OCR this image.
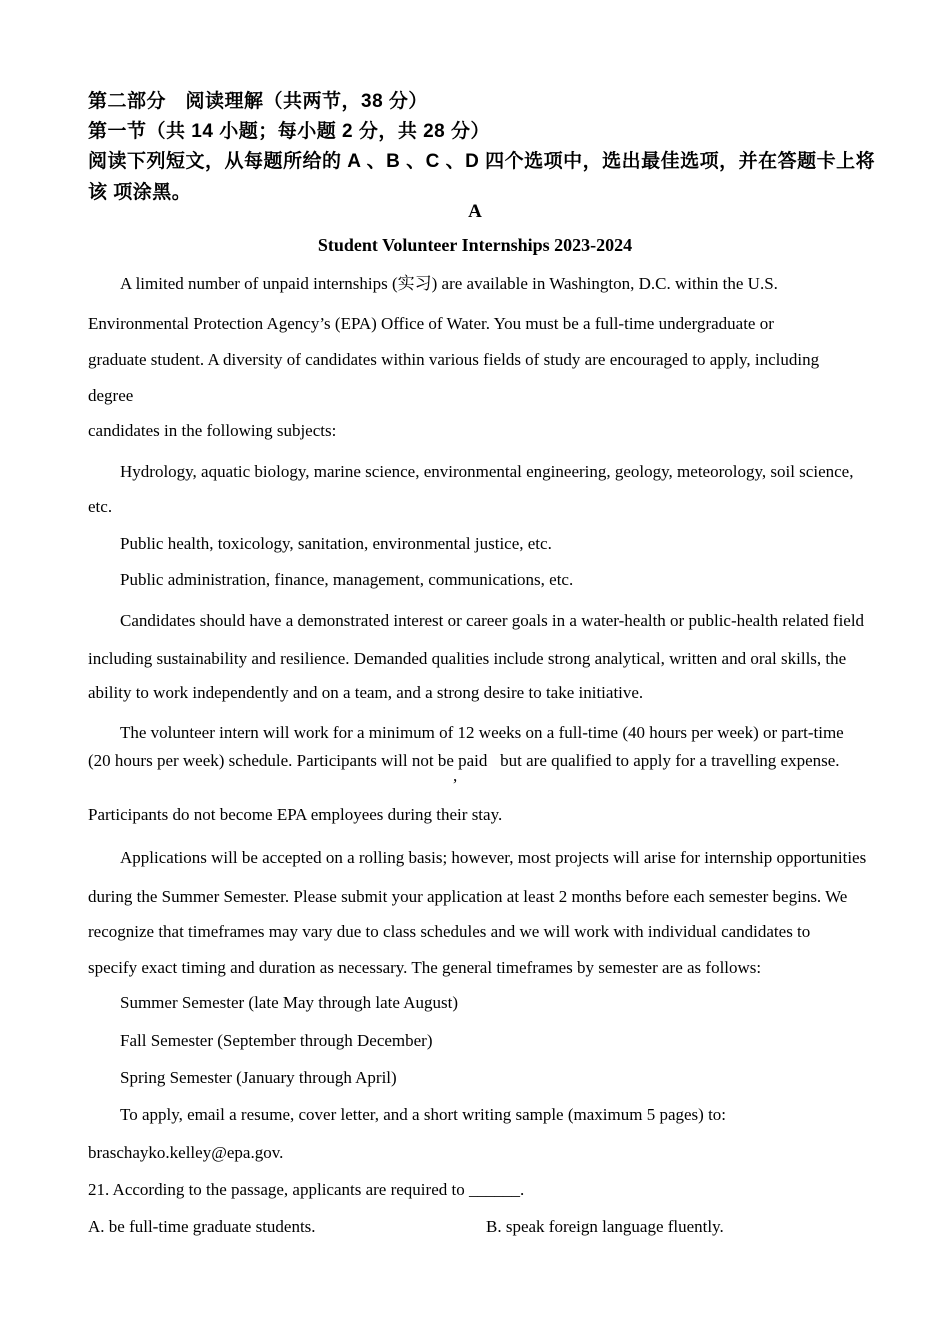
第二部分　阅读理解（共两节，38 分）
第一节（共 14 小题；每小题 2 分，共 28 分）
阅读下列短文，从每题所给的 A 、B 、C 、D 四个选项中，选出最佳选项，并在答题卡上将
该 项涂黑。
A
Student Volunteer Internships 2023-2024
A limited number of unpaid internships (实习) are available in Washington, D.C. within the U.S.
Environmental Protection Agency’s (EPA) Office of Water. You must be a full-time undergraduate or
graduate student. A diversity of candidates within various fields of study are encouraged to apply, including
degree
candidates in the following subjects:
Hydrology, aquatic biology, marine science, environmental engineering, geology, meteorology, soil science,
etc.
Public health, toxicology, sanitation, environmental justice, etc.
Public administration, finance, management, communications, etc.
Candidates should have a demonstrated interest or career goals in a water-health or public-health related field
including sustainability and resilience. Demanded qualities include strong analytical, written and oral skills, the
ability to work independently and on a team, and a strong desire to take initiative.
The volunteer intern will work for a minimum of 12 weeks on a full-time (40 hours per week) or part-time
(20 hours per week) schedule. Participants will not be paid   but are qualified to apply for a travelling expense.
,
Participants do not become EPA employees during their stay.
Applications will be accepted on a rolling basis; however, most projects will arise for internship opportunities
during the Summer Semester. Please submit your application at least 2 months before each semester begins. We
recognize that timeframes may vary due to class schedules and we will work with individual candidates to
specify exact timing and duration as necessary. The general timeframes by semester are as follows:
Summer Semester (late May through late August)
Fall Semester (September through December)
Spring Semester (January through April)
To apply, email a resume, cover letter, and a short writing sample (maximum 5 pages) to:
braschayko.kelley@epa.gov.
21. According to the passage, applicants are required to ______.
A. be full-time graduate students.	B. speak foreign language fluently.
